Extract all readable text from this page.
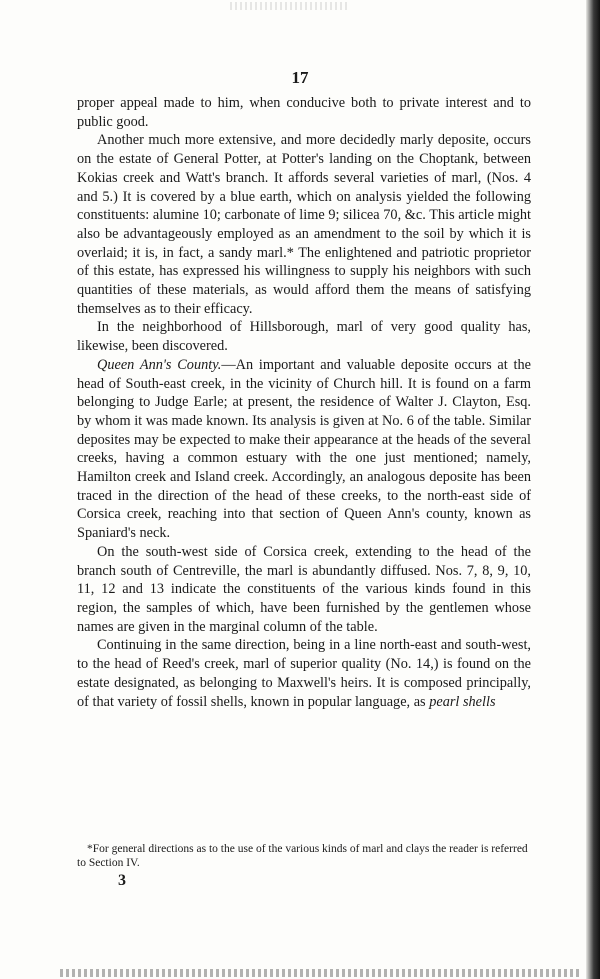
17

proper appeal made to him, when conducive both to private interest and to public good.

Another much more extensive, and more decidedly marly deposite, occurs on the estate of General Potter, at Potter's landing on the Choptank, between Kokias creek and Watt's branch. It affords several varieties of marl, (Nos. 4 and 5.) It is covered by a blue earth, which on analysis yielded the following constituents: alumine 10; carbonate of lime 9; silicea 70, &c. This article might also be advantageously employed as an amendment to the soil by which it is overlaid; it is, in fact, a sandy marl.* The enlightened and patriotic proprietor of this estate, has expressed his willingness to supply his neighbors with such quantities of these materials, as would afford them the means of satisfying themselves as to their efficacy.

In the neighborhood of Hillsborough, marl of very good quality has, likewise, been discovered.

Queen Ann's County.—An important and valuable deposite occurs at the head of South-east creek, in the vicinity of Church hill. It is found on a farm belonging to Judge Earle; at present, the residence of Walter J. Clayton, Esq. by whom it was made known. Its analysis is given at No. 6 of the table. Similar deposites may be expected to make their appearance at the heads of the several creeks, having a common estuary with the one just mentioned; namely, Hamilton creek and Island creek. Accordingly, an analogous deposite has been traced in the direction of the head of these creeks, to the north-east side of Corsica creek, reaching into that section of Queen Ann's county, known as Spaniard's neck.

On the south-west side of Corsica creek, extending to the head of the branch south of Centreville, the marl is abundantly diffused. Nos. 7, 8, 9, 10, 11, 12 and 13 indicate the constituents of the various kinds found in this region, the samples of which, have been furnished by the gentlemen whose names are given in the marginal column of the table.

Continuing in the same direction, being in a line north-east and south-west, to the head of Reed's creek, marl of superior quality (No. 14,) is found on the estate designated, as belonging to Maxwell's heirs. It is composed principally, of that variety of fossil shells, known in popular language, as pearl shells

*For general directions as to the use of the various kinds of marl and clays the reader is referred to Section IV.

3
